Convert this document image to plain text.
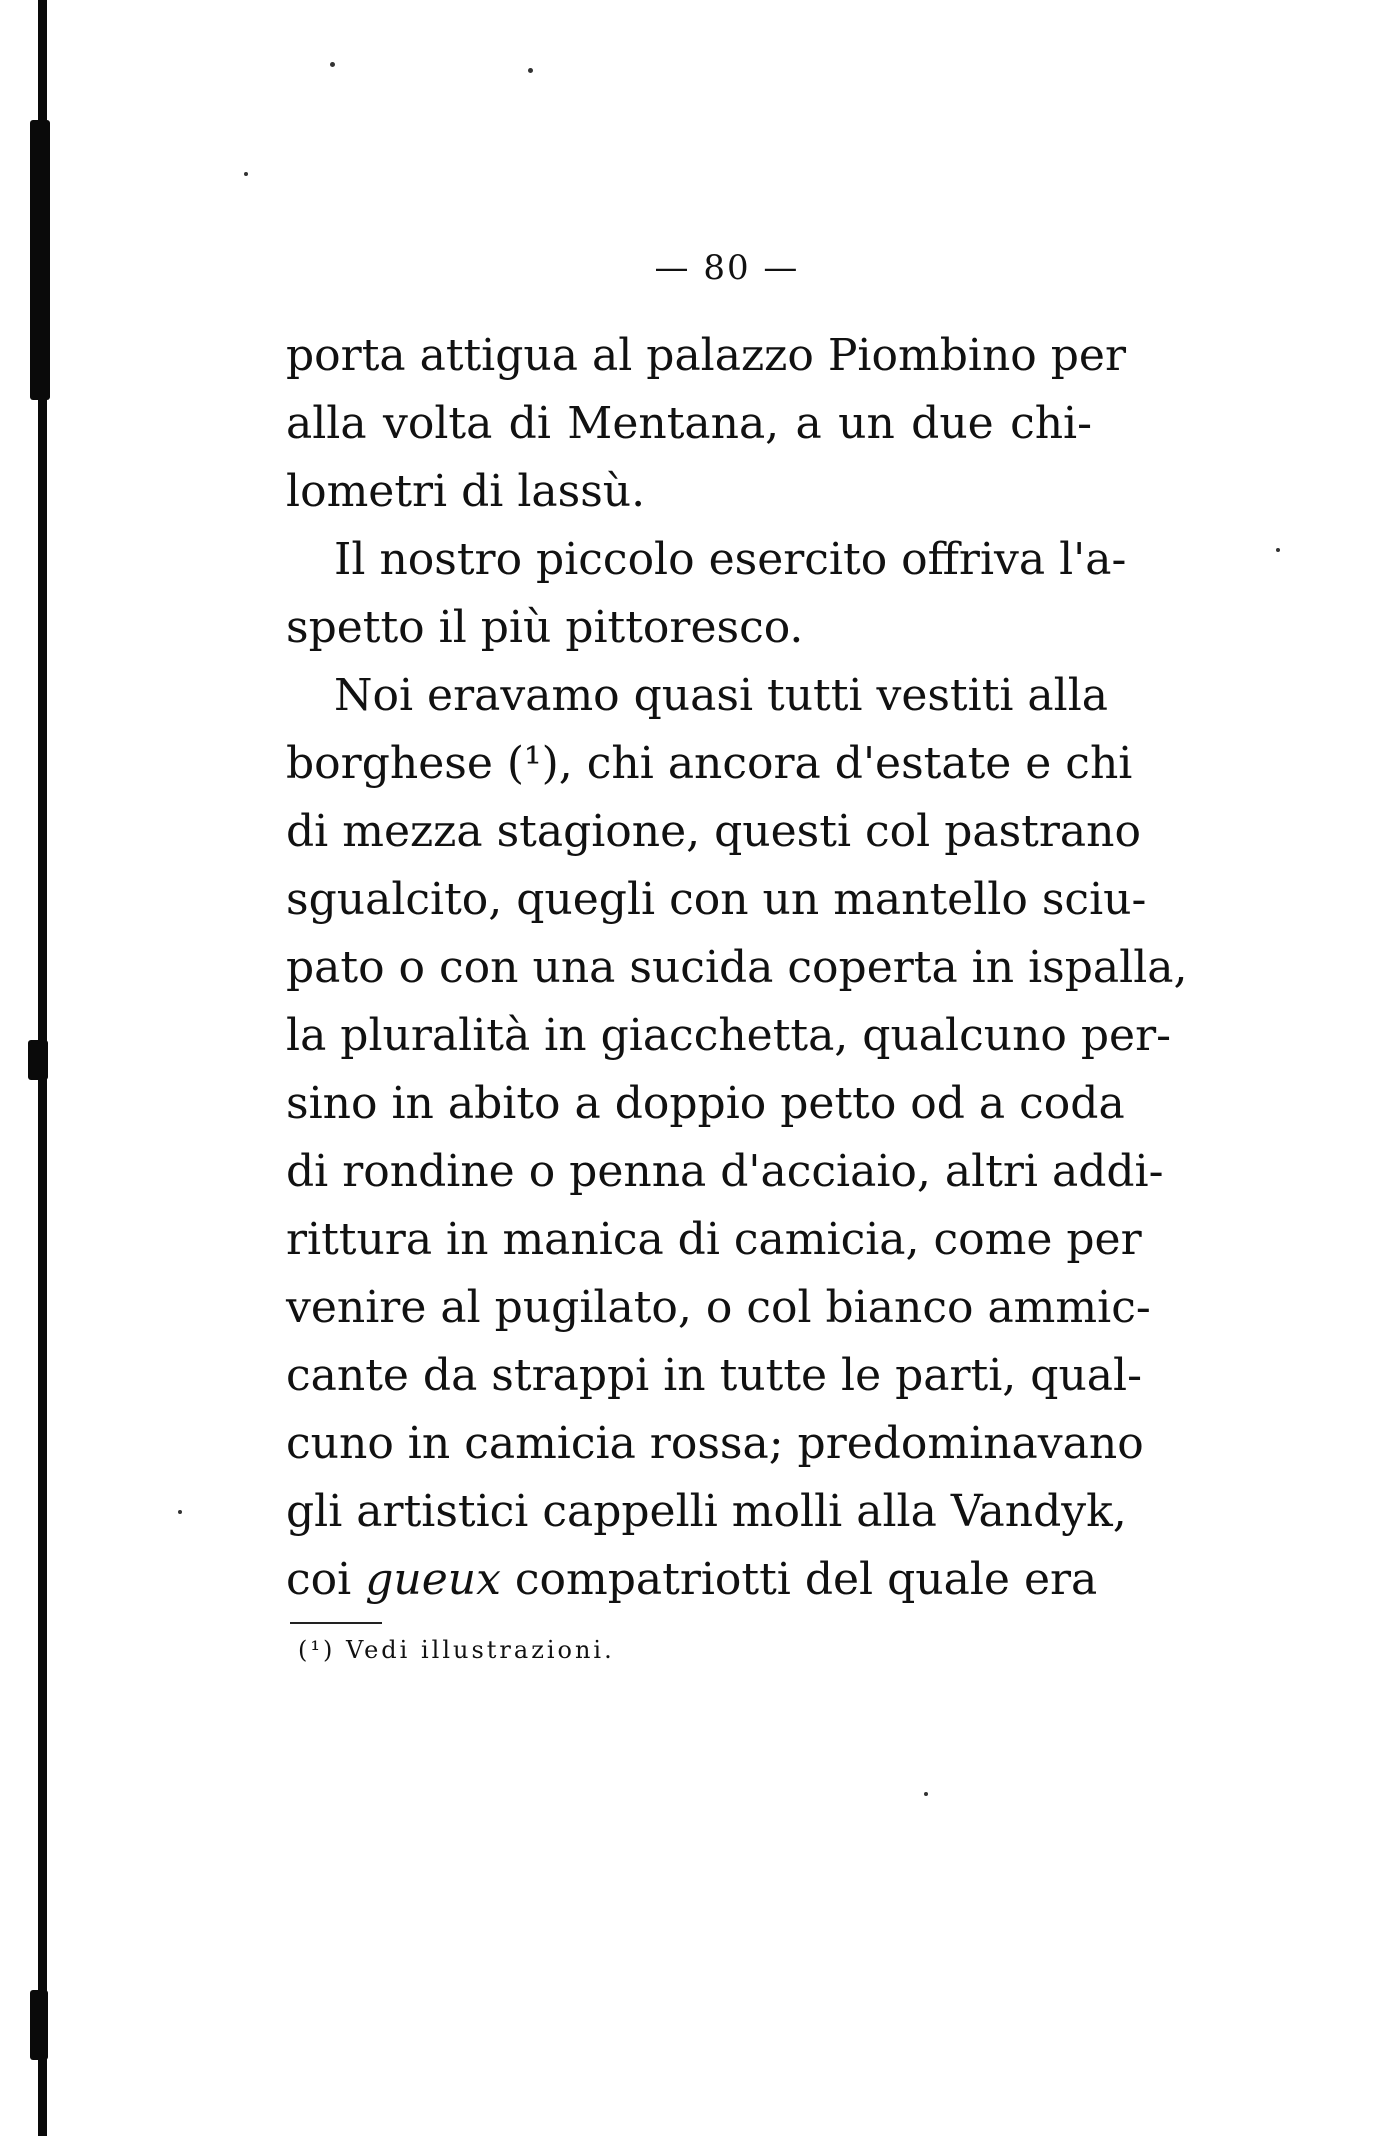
— 80 —
porta attigua al palazzo Piombino per
alla volta di Mentana, a un due chi-
lometri di lassù.
Il nostro piccolo esercito offriva l'a-
spetto il più pittoresco.
Noi eravamo quasi tutti vestiti alla
borghese (¹), chi ancora d'estate e chi
di mezza stagione, questi col pastrano
sgualcito, quegli con un mantello sciu-
pato o con una sucida coperta in ispalla,
la pluralità in giacchetta, qualcuno per-
sino in abito a doppio petto od a coda
di rondine o penna d'acciaio, altri addi-
rittura in manica di camicia, come per
venire al pugilato, o col bianco ammic-
cante da strappi in tutte le parti, qual-
cuno in camicia rossa; predominavano
gli artistici cappelli molli alla Vandyk,
coi gueux compatriotti del quale era
(¹) Vedi illustrazioni.
